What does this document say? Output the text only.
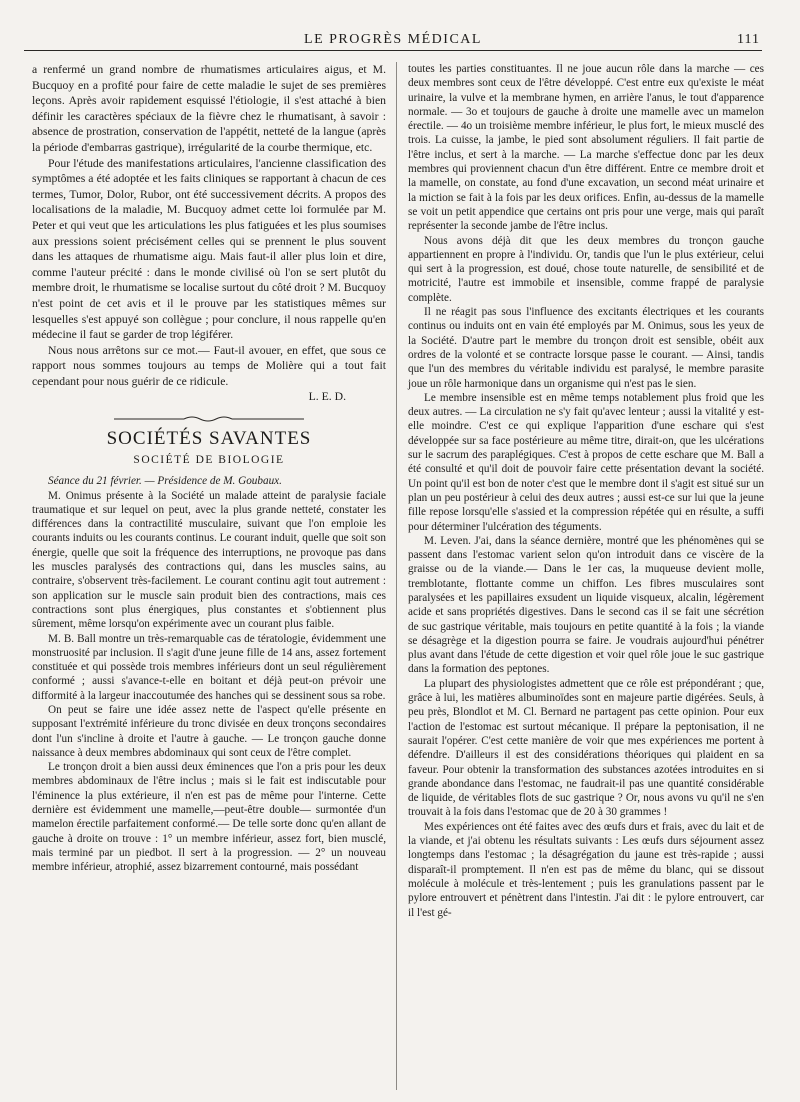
LE PROGRÈS MÉDICAL	111

a renfermé un grand nombre de rhumatismes articulaires aigus, et M. Bucquoy en a profité pour faire de cette maladie le sujet de ses premières leçons. Après avoir rapidement esquissé l'étiologie, il s'est attaché à bien définir les caractères spéciaux de la fièvre chez le rhumatisant, à savoir : absence de prostration, conservation de l'appétit, netteté de la langue (après la période d'embarras gastrique), irrégularité de la courbe thermique, etc.

Pour l'étude des manifestations articulaires, l'ancienne classification des symptômes a été adoptée et les faits cliniques se rapportant à chacun de ces termes, Tumor, Dolor, Rubor, ont été successivement décrits. A propos des localisations de la maladie, M. Bucquoy admet cette loi formulée par M. Peter et qui veut que les articulations les plus fatiguées et les plus soumises aux pressions soient précisément celles qui se prennent le plus souvent dans les attaques de rhumatisme aigu. Mais faut-il aller plus loin et dire, comme l'auteur précité : dans le monde civilisé où l'on se sert plutôt du membre droit, le rhumatisme se localise surtout du côté droit ? M. Bucquoy n'est point de cet avis et il le prouve par les statistiques mêmes sur lesquelles s'est appuyé son collègue ; pour conclure, il nous rappelle qu'en médecine il faut se garder de trop légiférer.

Nous nous arrêtons sur ce mot.— Faut-il avouer, en effet, que sous ce rapport nous sommes toujours au temps de Molière qui a tout fait cependant pour nous guérir de ce ridicule.

L. E. D.

SOCIÉTÉS SAVANTES
SOCIÉTÉ DE BIOLOGIE

Séance du 21 février. — Présidence de M. Goubaux.

M. Onimus présente à la Société un malade atteint de paralysie faciale traumatique et sur lequel on peut, avec la plus grande netteté, constater les différences dans la contractilité musculaire, suivant que l'on emploie les courants induits ou les courants continus. Le courant induit, quelle que soit son énergie, quelle que soit la fréquence des interruptions, ne provoque pas dans les muscles paralysés des contractions qui, dans les muscles sains, au contraire, s'observent très-facilement. Le courant continu agit tout autrement : son application sur le muscle sain produit bien des contractions, mais ces contractions sont plus énergiques, plus constantes et s'obtiennent plus sûrement, même lorsqu'on expérimente avec un courant plus faible.

M. B. Ball montre un très-remarquable cas de tératologie, évidemment une monstruosité par inclusion. Il s'agit d'une jeune fille de 14 ans, assez fortement constituée et qui possède trois membres inférieurs dont un seul régulièrement conformé ; aussi s'avance-t-elle en boitant et déjà peut-on prévoir une difformité à la largeur inaccoutumée des hanches qui se dessinent sous sa robe.

On peut se faire une idée assez nette de l'aspect qu'elle présente en supposant l'extrémité inférieure du tronc divisée en deux tronçons secondaires dont l'un s'incline à droite et l'autre à gauche. — Le tronçon gauche donne naissance à deux membres abdominaux qui sont ceux de l'être complet.

Le tronçon droit a bien aussi deux éminences que l'on a pris pour les deux membres abdominaux de l'être inclus ; mais si le fait est indiscutable pour l'éminence la plus extérieure, il n'en est pas de même pour l'interne. Cette dernière est évidemment une mamelle,—peut-être double— surmontée d'un mamelon érectile parfaitement conformé.— De telle sorte donc qu'en allant de gauche à droite on trouve : 1° un membre inférieur, assez fort, bien musclé, mais terminé par un piedbot. Il sert à la progression. — 2° un nouveau membre inférieur, atrophié, assez bizarrement contourné, mais possédant

toutes les parties constituantes. Il ne joue aucun rôle dans la marche — ces deux membres sont ceux de l'être développé. C'est entre eux qu'existe le méat urinaire, la vulve et la membrane hymen, en arrière l'anus, le tout d'apparence normale. — 3o et toujours de gauche à droite une mamelle avec un mamelon érectile. — 4o un troisième membre inférieur, le plus fort, le mieux musclé des trois. La cuisse, la jambe, le pied sont absolument réguliers. Il fait partie de l'être inclus, et sert à la marche. — La marche s'effectue donc par les deux membres qui proviennent chacun d'un être différent. Entre ce membre droit et la mamelle, on constate, au fond d'une excavation, un second méat urinaire et la miction se fait à la fois par les deux orifices. Enfin, au-dessus de la mamelle se voit un petit appendice que certains ont pris pour une verge, mais qui paraît représenter la seconde jambe de l'être inclus.

Nous avons déjà dit que les deux membres du tronçon gauche appartiennent en propre à l'individu. Or, tandis que l'un le plus extérieur, celui qui sert à la progression, est doué, chose toute naturelle, de sensibilité et de motricité, l'autre est immobile et insensible, comme frappé de paralysie complète.

Il ne réagit pas sous l'influence des excitants électriques et les courants continus ou induits ont en vain été employés par M. Onimus, sous les yeux de la Société. D'autre part le membre du tronçon droit est sensible, obéit aux ordres de la volonté et se contracte lorsque passe le courant. — Ainsi, tandis que l'un des membres du véritable individu est paralysé, le membre parasite joue un rôle harmonique dans un organisme qui n'est pas le sien.

Le membre insensible est en même temps notablement plus froid que les deux autres. — La circulation ne s'y fait qu'avec lenteur ; aussi la vitalité y est-elle moindre. C'est ce qui explique l'apparition d'une eschare qui s'est développée sur sa face postérieure au même titre, dirait-on, que les ulcérations sur le sacrum des paraplégiques. C'est à propos de cette eschare que M. Ball a été consulté et qu'il doit de pouvoir faire cette présentation devant la société. Un point qu'il est bon de noter c'est que le membre dont il s'agit est situé sur un plan un peu postérieur à celui des deux autres ; aussi est-ce sur lui que la jeune fille repose lorsqu'elle s'assied et la compression répétée qui en résulte, a suffi pour déterminer l'ulcération des téguments.

M. Leven. J'ai, dans la séance dernière, montré que les phénomènes qui se passent dans l'estomac varient selon qu'on introduit dans ce viscère de la graisse ou de la viande.— Dans le 1er cas, la muqueuse devient molle, tremblotante, flottante comme un chiffon. Les fibres musculaires sont paralysées et les papillaires exsudent un liquide visqueux, alcalin, légèrement acide et sans propriétés digestives. Dans le second cas il se fait une sécrétion de suc gastrique véritable, mais toujours en petite quantité à la fois ; la viande se désagrège et la digestion pourra se faire. Je voudrais aujourd'hui pénétrer plus avant dans l'étude de cette digestion et voir quel rôle joue le suc gastrique dans la formation des peptones.

La plupart des physiologistes admettent que ce rôle est prépondérant ; que, grâce à lui, les matières albuminoïdes sont en majeure partie digérées. Seuls, à peu près, Blondlot et M. Cl. Bernard ne partagent pas cette opinion. Pour eux l'action de l'estomac est surtout mécanique. Il prépare la peptonisation, il ne saurait l'opérer. C'est cette manière de voir que mes expériences me portent à défendre. D'ailleurs il est des considérations théoriques qui plaident en sa faveur. Pour obtenir la transformation des substances azotées introduites en si grande abondance dans l'estomac, ne faudrait-il pas une quantité considérable de liquide, de véritables flots de suc gastrique ? Or, nous avons vu qu'il ne s'en trouvait à la fois dans l'estomac que de 20 à 30 grammes !

Mes expériences ont été faites avec des œufs durs et frais, avec du lait et de la viande, et j'ai obtenu les résultats suivants : Les œufs durs séjournent assez longtemps dans l'estomac ; la désagrégation du jaune est très-rapide ; aussi disparaît-il promptement. Il n'en est pas de même du blanc, qui se dissout molécule à molécule et très-lentement ; puis les granulations passent par le pylore entrouvert et pénètrent dans l'intestin. J'ai dit : le pylore entrouvert, car il l'est gé-
